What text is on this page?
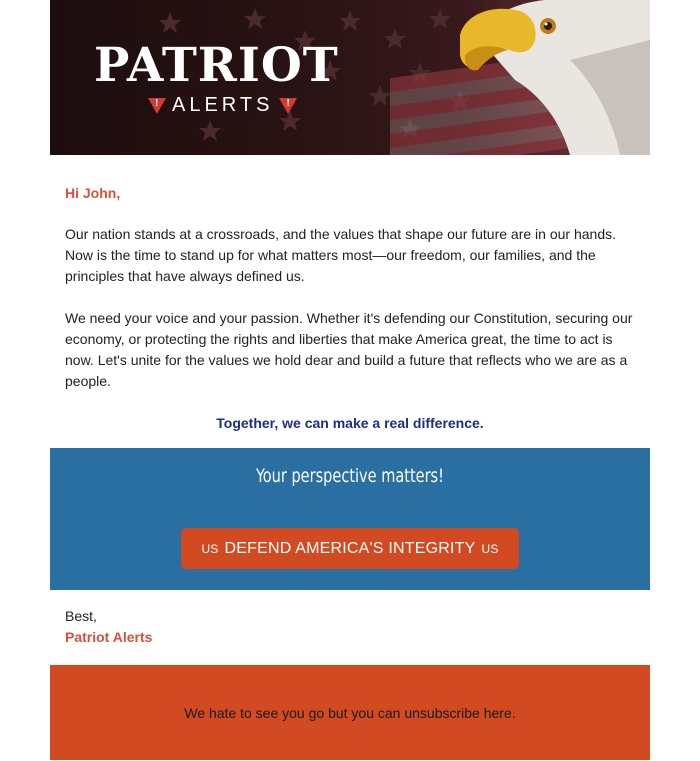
PATRIOT
! ALERTS !

Hi John,

Our nation stands at a crossroads, and the values that shape our future are in our hands. Now is the time to stand up for what matters most—our freedom, our families, and the principles that have always defined us.

We need your voice and your passion. Whether it's defending our Constitution, securing our economy, or protecting the rights and liberties that make America great, the time to act is now. Let's unite for the values we hold dear and build a future that reflects who we are as a people.

Together, we can make a real difference.

Your perspective matters!
US DEFEND AMERICA'S INTEGRITY US
Best,
Patriot Alerts
We hate to see you go but you can unsubscribe here.
